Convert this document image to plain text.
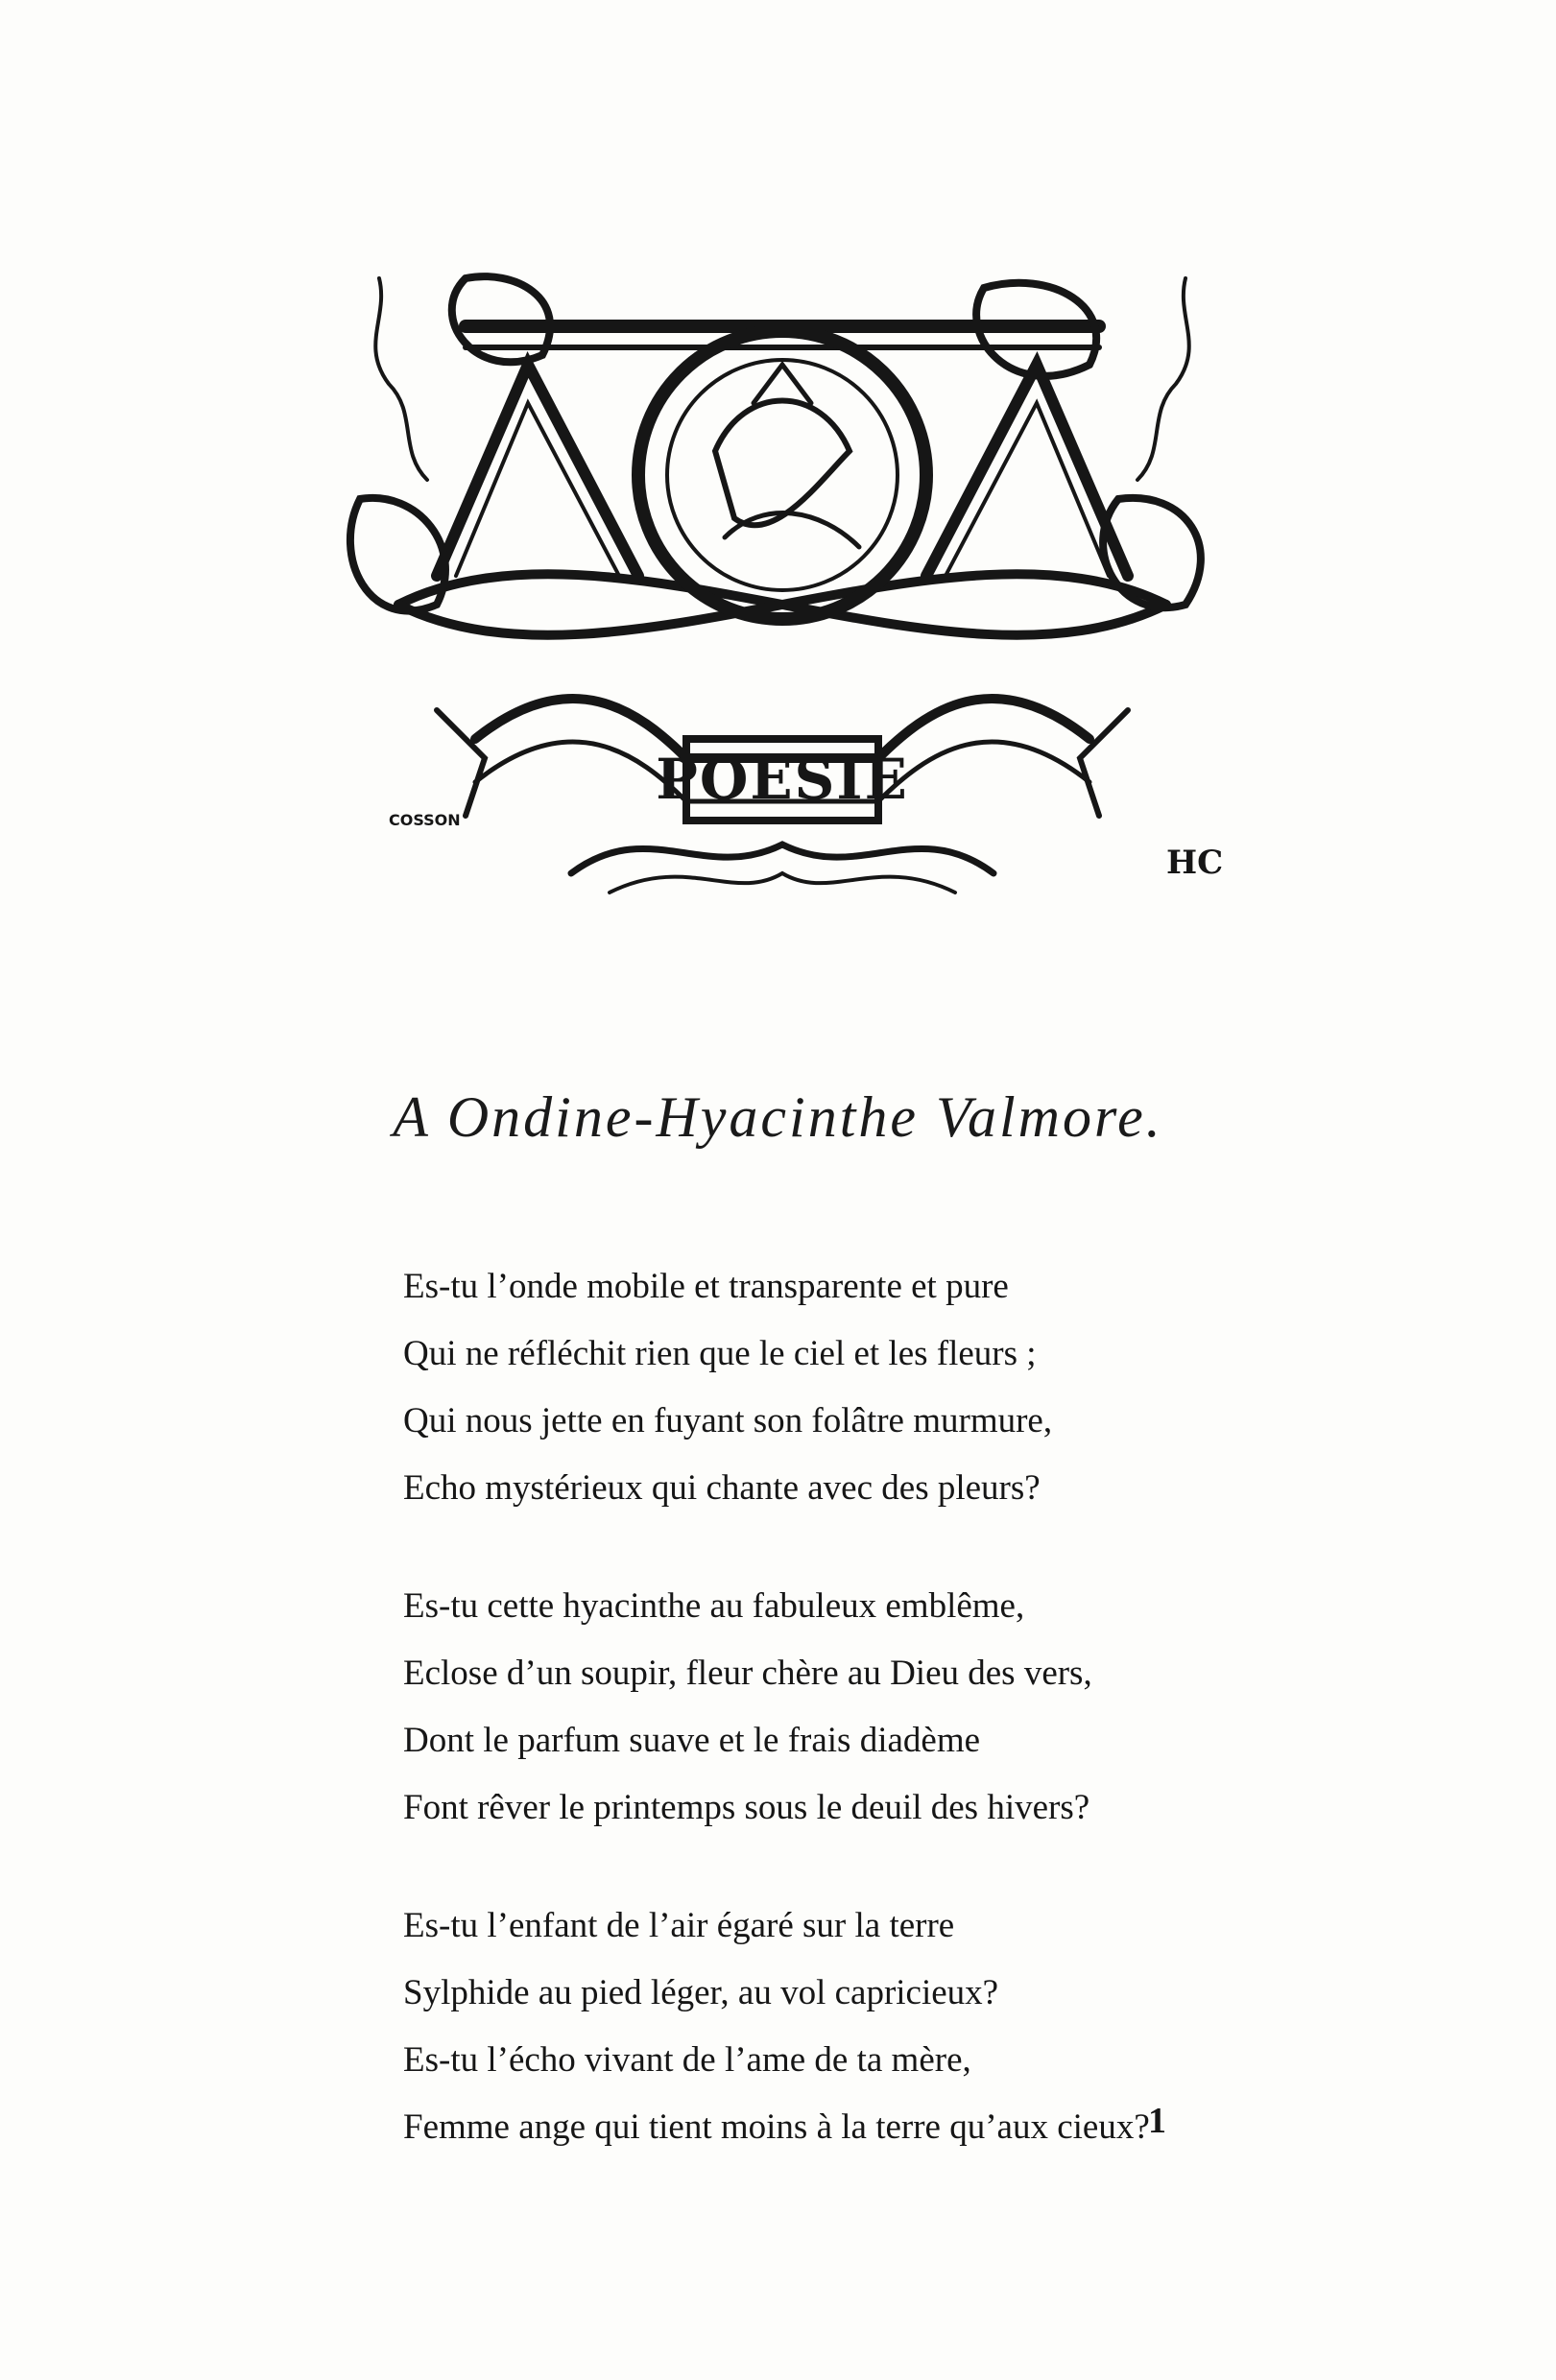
POESIE
COSSON
HC
A Ondine-Hyacinthe Valmore.
Es-tu l’onde mobile et transparente et pure
Qui ne réfléchit rien que le ciel et les fleurs ;
Qui nous jette en fuyant son folâtre murmure,
Echo mystérieux qui chante avec des pleurs?
Es-tu cette hyacinthe au fabuleux emblême,
Eclose d’un soupir, fleur chère au Dieu des vers,
Dont le parfum suave et le frais diadème
Font rêver le printemps sous le deuil des hivers?
Es-tu l’enfant de l’air égaré sur la terre
Sylphide au pied léger, au vol capricieux?
Es-tu l’écho vivant de l’ame de ta mère,
Femme ange qui tient moins à la terre qu’aux cieux?
1
